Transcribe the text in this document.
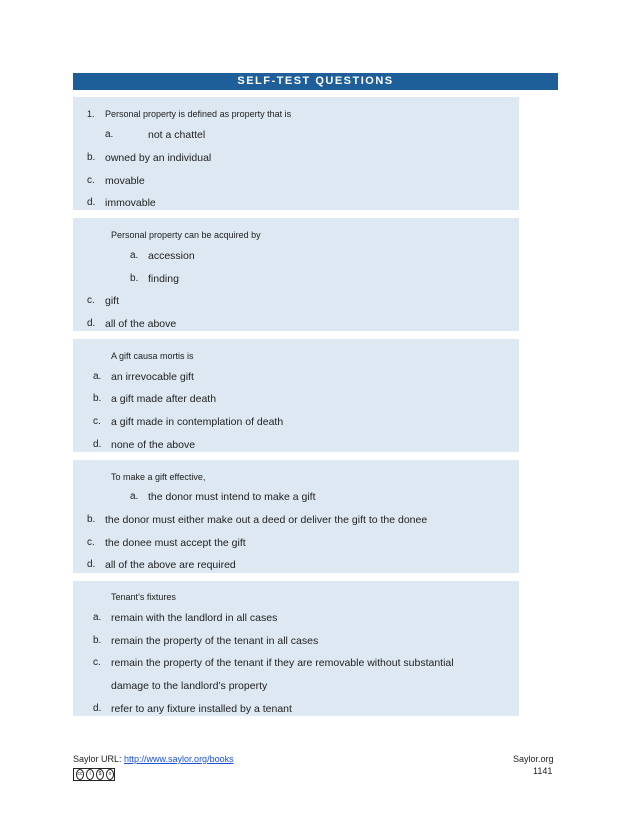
SELF-TEST QUESTIONS
1. Personal property is defined as property that is
a.	not a chattel
b. owned by an individual
c. movable
d. immovable
Personal property can be acquired by
a. accession
b. finding
c. gift
d. all of the above
A gift causa mortis is
a. an irrevocable gift
b. a gift made after death
c. a gift made in contemplation of death
d. none of the above
To make a gift effective,
a. the donor must intend to make a gift
b. the donor must either make out a deed or deliver the gift to the donee
c. the donee must accept the gift
d. all of the above are required
Tenant’s fixtures
a. remain with the landlord in all cases
b. remain the property of the tenant in all cases
c. remain the property of the tenant if they are removable without substantial
damage to the landlord’s property
d. refer to any fixture installed by a tenant
Saylor URL: http://www.saylor.org/books	Saylor.org
1141
cc	i	$	o
